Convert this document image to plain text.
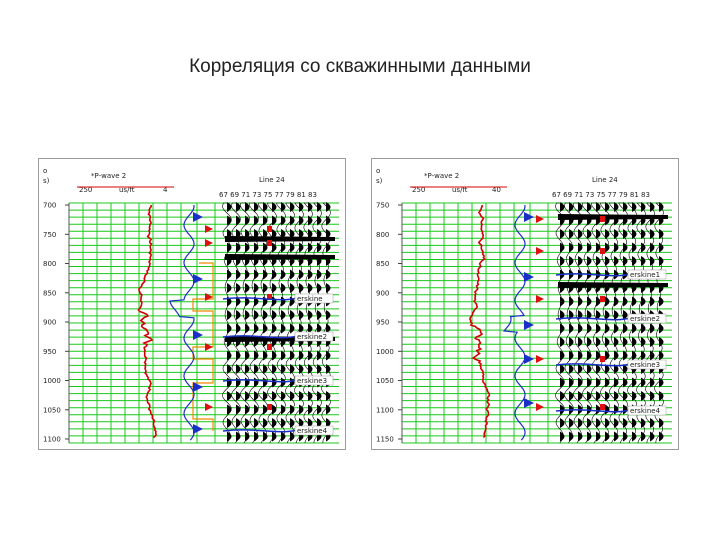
Корреляция со скважинными данными
o
s)
*P-wave 2
250	us/ft	4
Line 24
67 69 71 73 75 77 79 81 83
700
750
800
850
900
950
1000
1050
1100
erskine
erskine2
erskine3
erskine4
o
s)
*P-wave 2
250	us/ft	40
Line 24
67 69 71 73 75 77 79 81 83
750
800
850
900
950
1000
1050
1100
1150
erskine1
erskine2
erskine3
erskine4
